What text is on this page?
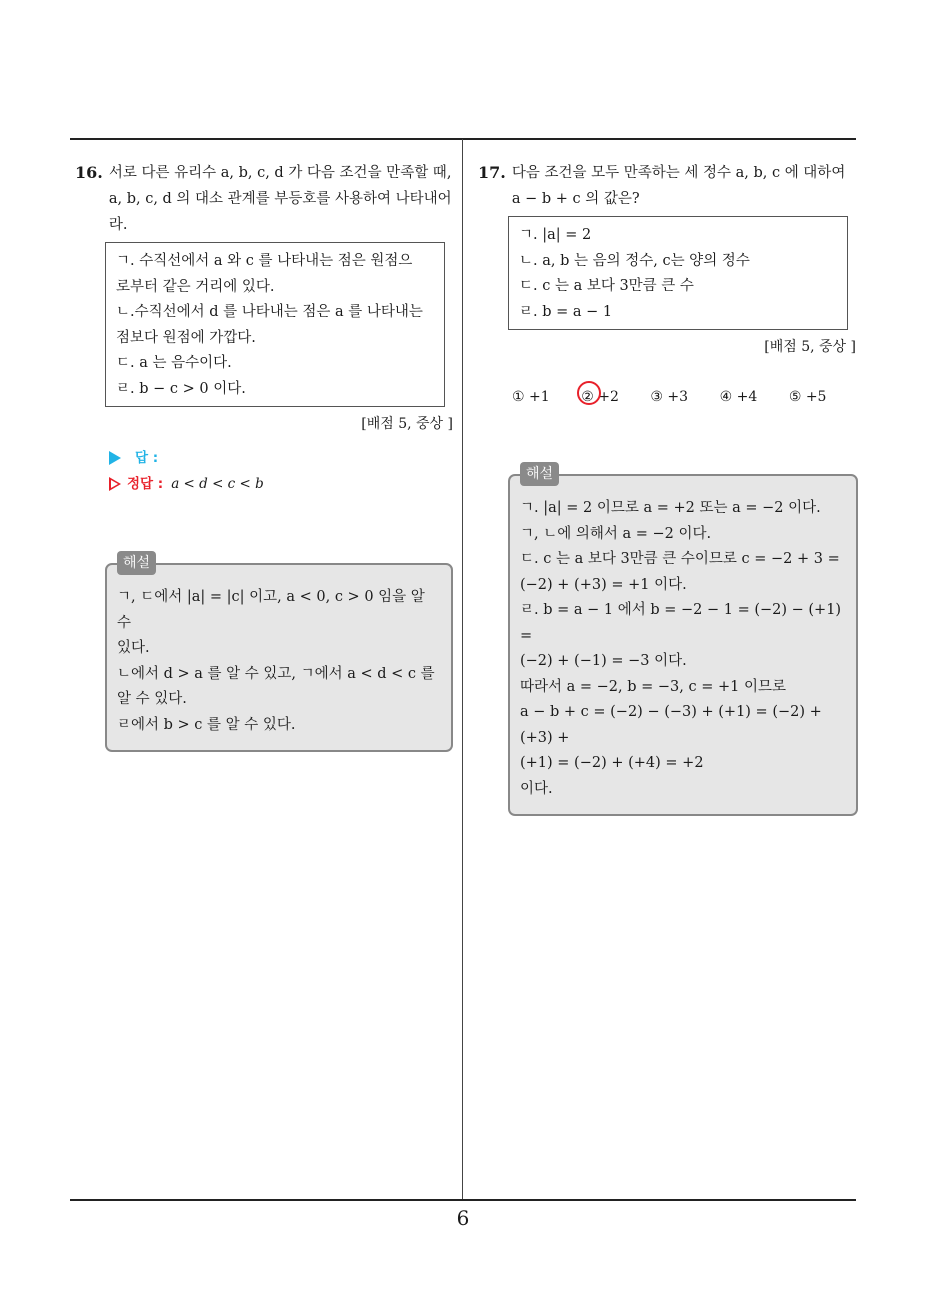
6
16. 서로 다른 유리수 a, b, c, d 가 다음 조건을 만족할 때,
a, b, c, d 의 대소 관계를 부등호를 사용하여 나타내어
라.
ㄱ. 수직선에서 a 와 c 를 나타내는 점은 원점으
로부터 같은 거리에 있다.
ㄴ.수직선에서 d 를 나타내는 점은 a 를 나타내는
점보다 원점에 가깝다.
ㄷ. a 는 음수이다.
ㄹ. b − c > 0 이다.
[배점 5, 중상 ]
답 :
정답 : a < d < c < b
해설
ㄱ, ㄷ에서 |a| = |c| 이고, a < 0, c > 0 임을 알 수
있다.
ㄴ에서 d > a 를 알 수 있고, ㄱ에서 a < d < c 를
알 수 있다.
ㄹ에서 b > c 를 알 수 있다.
17. 다음 조건을 모두 만족하는 세 정수 a, b, c 에 대하여
a − b + c 의 값은?
ㄱ. |a| = 2
ㄴ. a, b 는 음의 정수, c는 양의 정수
ㄷ. c 는 a 보다 3만큼 큰 수
ㄹ. b = a − 1
[배점 5, 중상 ]
① +1	② +2	③ +3	④ +4	⑤ +5
해설
ㄱ. |a| = 2 이므로 a = +2 또는 a = −2 이다.
ㄱ, ㄴ에 의해서 a = −2 이다.
ㄷ. c 는 a 보다 3만큼 큰 수이므로 c = −2 + 3 =
(−2) + (+3) = +1 이다.
ㄹ. b = a − 1 에서 b = −2 − 1 = (−2) − (+1) =
(−2) + (−1) = −3 이다.
따라서 a = −2, b = −3, c = +1 이므로
a − b + c = (−2) − (−3) + (+1) = (−2) + (+3) +
(+1) = (−2) + (+4) = +2
이다.
